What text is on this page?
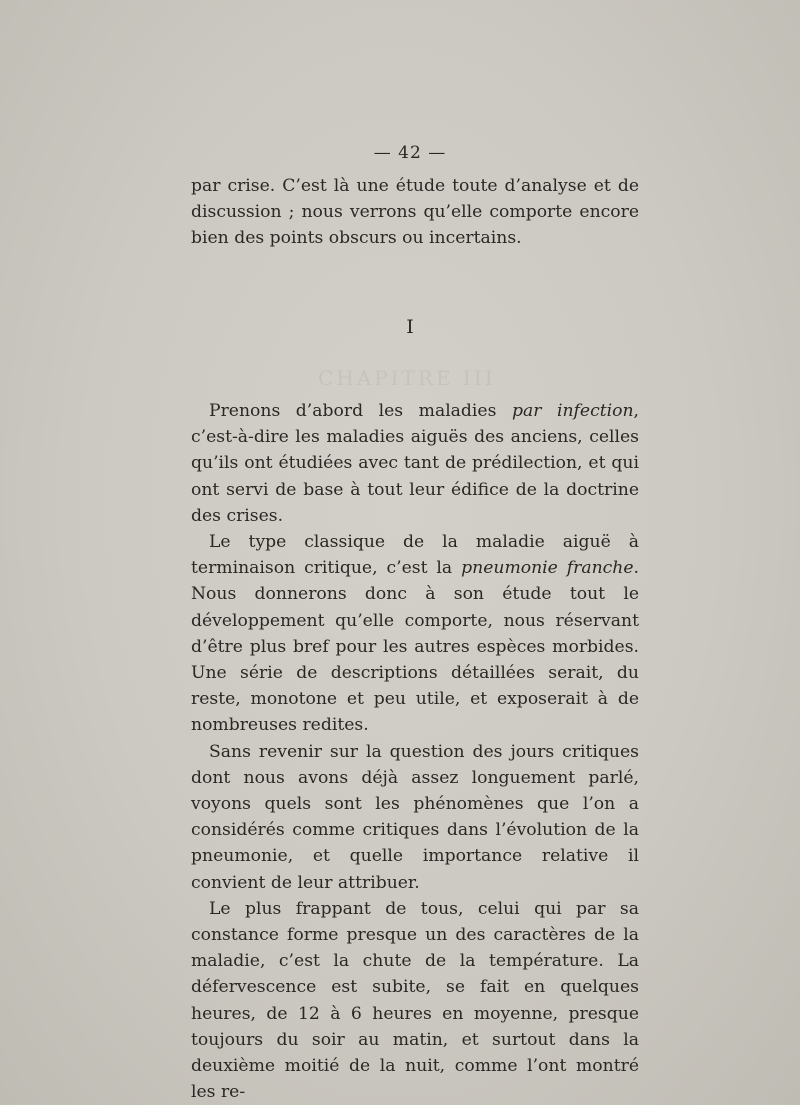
CHAPITRE III
— 42 —

par crise. C’est là une étude toute d’analyse et de discussion ; nous verrons qu’elle comporte encore bien des points obscurs ou incertains.

I

Prenons d’abord les maladies par infection, c’est-à-dire les maladies aiguës des anciens, celles qu’ils ont étudiées avec tant de prédilection, et qui ont servi de base à tout leur édifice de la doctrine des crises.

Le type classique de la maladie aiguë à terminaison critique, c’est la pneumonie franche. Nous donnerons donc à son étude tout le développement qu’elle comporte, nous réservant d’être plus bref pour les autres espèces morbides. Une série de descriptions détaillées serait, du reste, monotone et peu utile, et exposerait à de nombreuses redites.

Sans revenir sur la question des jours critiques dont nous avons déjà assez longuement parlé, voyons quels sont les phénomènes que l’on a considérés comme critiques dans l’évolution de la pneumonie, et quelle importance relative il convient de leur attribuer.

Le plus frappant de tous, celui qui par sa constance forme presque un des caractères de la maladie, c’est la chute de la température. La défervescence est subite, se fait en quelques heures, de 12 à 6 heures en moyenne, presque toujours du soir au matin, et surtout dans la deuxième moitié de la nuit, comme l’ont montré les re-
